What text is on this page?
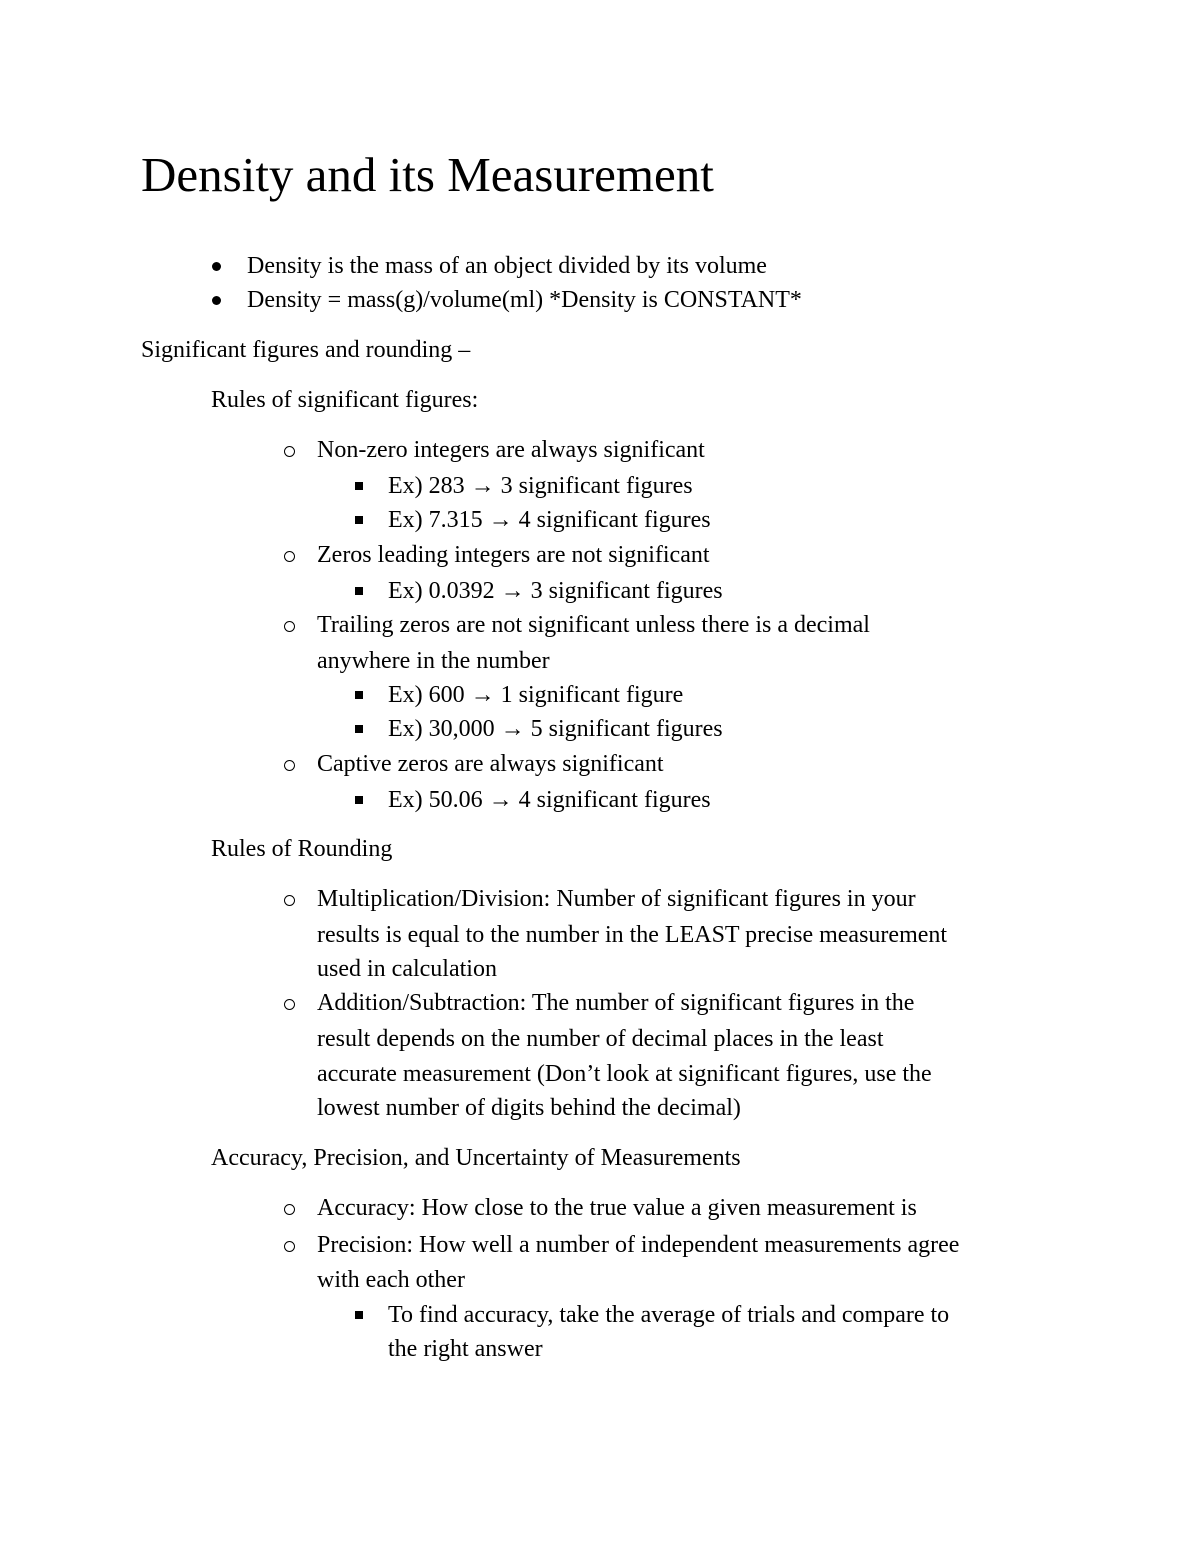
Density and its Measurement
Density is the mass of an object divided by its volume
Density = mass(g)/volume(ml) *Density is CONSTANT*
Significant figures and rounding –
Rules of significant figures:
Non-zero integers are always significant
Ex) 283 → 3 significant figures
Ex) 7.315 → 4 significant figures
Zeros leading integers are not significant
Ex) 0.0392 → 3 significant figures
Trailing zeros are not significant unless there is a decimal
anywhere in the number
Ex) 600 → 1 significant figure
Ex) 30,000 → 5 significant figures
Captive zeros are always significant
Ex) 50.06 → 4 significant figures
Rules of Rounding
Multiplication/Division: Number of significant figures in your
results is equal to the number in the LEAST precise measurement
used in calculation
Addition/Subtraction: The number of significant figures in the
result depends on the number of decimal places in the least
accurate measurement (Don’t look at significant figures, use the
lowest number of digits behind the decimal)
Accuracy, Precision, and Uncertainty of Measurements
Accuracy: How close to the true value a given measurement is
Precision: How well a number of independent measurements agree
with each other
To find accuracy, take the average of trials and compare to
the right answer
